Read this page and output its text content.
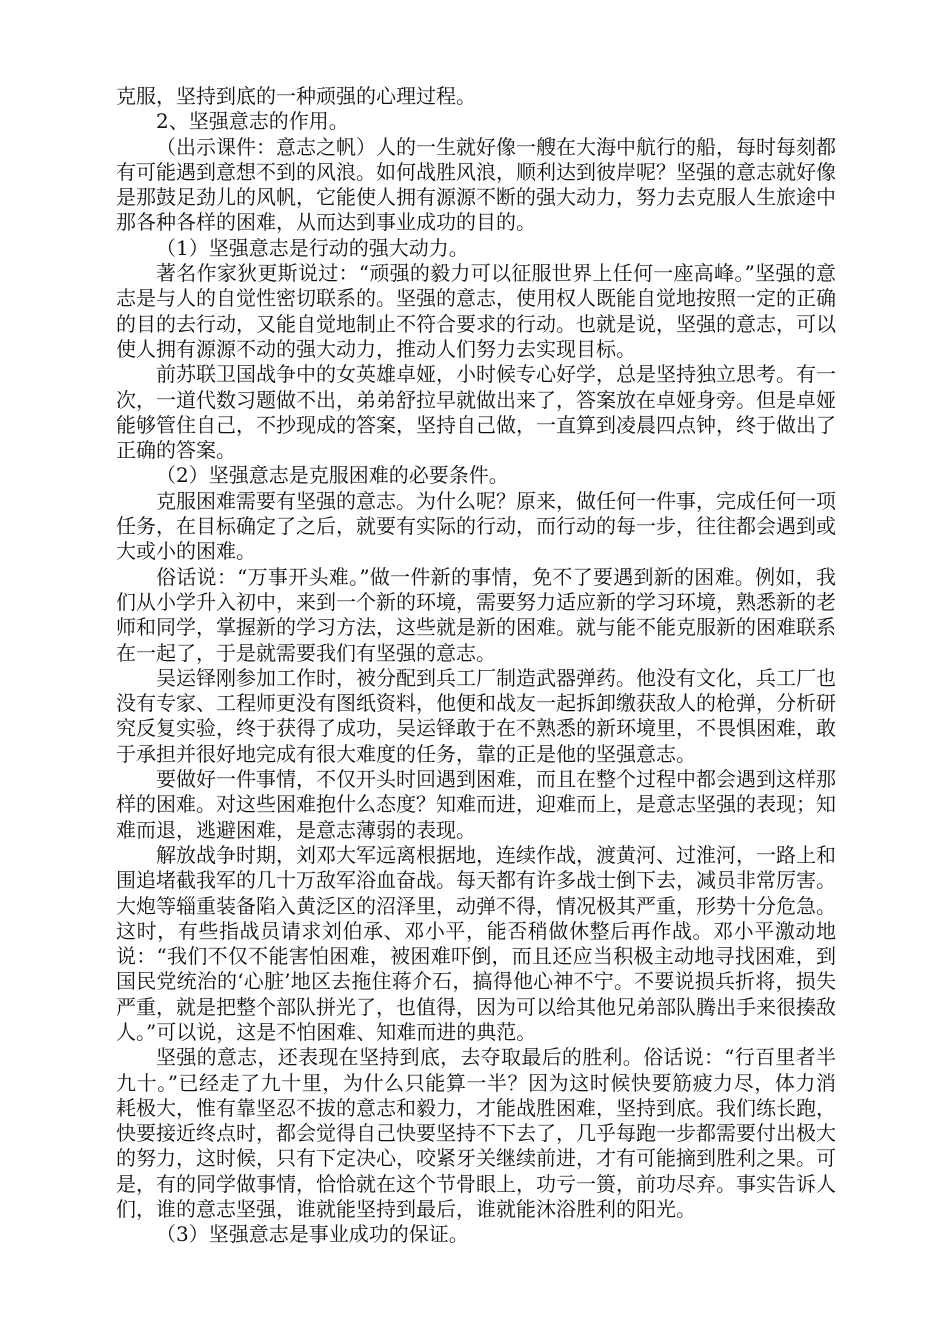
克服，坚持到底的一种顽强的心理过程。

2、坚强意志的作用。

（出示课件：意志之帆）人的一生就好像一艘在大海中航行的船，每时每刻都有可能遇到意想不到的风浪。如何战胜风浪，顺利达到彼岸呢？坚强的意志就好像是那鼓足劲儿的风帆，它能使人拥有源源不断的强大动力，努力去克服人生旅途中那各种各样的困难，从而达到事业成功的目的。

（1）坚强意志是行动的强大动力。

著名作家狄更斯说过：“顽强的毅力可以征服世界上任何一座高峰。”坚强的意志是与人的自觉性密切联系的。坚强的意志，使用权人既能自觉地按照一定的正确的目的去行动，又能自觉地制止不符合要求的行动。也就是说，坚强的意志，可以使人拥有源源不动的强大动力，推动人们努力去实现目标。

前苏联卫国战争中的女英雄卓娅，小时候专心好学，总是坚持独立思考。有一次，一道代数习题做不出，弟弟舒拉早就做出来了，答案放在卓娅身旁。但是卓娅能够管住自己，不抄现成的答案，坚持自己做，一直算到凌晨四点钟，终于做出了正确的答案。

（2）坚强意志是克服困难的必要条件。

克服困难需要有坚强的意志。为什么呢？原来，做任何一件事，完成任何一项任务，在目标确定了之后，就要有实际的行动，而行动的每一步，往往都会遇到或大或小的困难。

俗话说：“万事开头难。”做一件新的事情，免不了要遇到新的困难。例如，我们从小学升入初中，来到一个新的环境，需要努力适应新的学习环境，熟悉新的老师和同学，掌握新的学习方法，这些就是新的困难。就与能不能克服新的困难联系在一起了，于是就需要我们有坚强的意志。

吴运铎刚参加工作时，被分配到兵工厂制造武器弹药。他没有文化，兵工厂也没有专家、工程师更没有图纸资料，他便和战友一起拆卸缴获敌人的枪弹，分析研究反复实验，终于获得了成功，吴运铎敢于在不熟悉的新环境里，不畏惧困难，敢于承担并很好地完成有很大难度的任务，靠的正是他的坚强意志。

要做好一件事情，不仅开头时回遇到困难，而且在整个过程中都会遇到这样那样的困难。对这些困难抱什么态度？知难而进，迎难而上，是意志坚强的表现；知难而退，逃避困难，是意志薄弱的表现。

解放战争时期，刘邓大军远离根据地，连续作战，渡黄河、过淮河，一路上和围追堵截我军的几十万敌军浴血奋战。每天都有许多战士倒下去，减员非常厉害。大炮等辎重装备陷入黄泛区的沼泽里，动弹不得，情况极其严重，形势十分危急。这时，有些指战员请求刘伯承、邓小平，能否稍做休整后再作战。邓小平激动地说：“我们不仅不能害怕困难，被困难吓倒，而且还应当积极主动地寻找困难，到国民党统治的‘心脏’地区去拖住蒋介石，搞得他心神不宁。不要说损兵折将，损失严重，就是把整个部队拼光了，也值得，因为可以给其他兄弟部队腾出手来很揍敌人。”可以说，这是不怕困难、知难而进的典范。

坚强的意志，还表现在坚持到底，去夺取最后的胜利。俗话说：“行百里者半九十。”已经走了九十里，为什么只能算一半？因为这时候快要筋疲力尽，体力消耗极大，惟有靠坚忍不拔的意志和毅力，才能战胜困难，坚持到底。我们练长跑，快要接近终点时，都会觉得自己快要坚持不下去了，几乎每跑一步都需要付出极大的努力，这时候，只有下定决心，咬紧牙关继续前进，才有可能摘到胜利之果。可是，有的同学做事情，恰恰就在这个节骨眼上，功亏一篑，前功尽弃。事实告诉人们，谁的意志坚强，谁就能坚持到最后，谁就能沐浴胜利的阳光。

（3）坚强意志是事业成功的保证。
